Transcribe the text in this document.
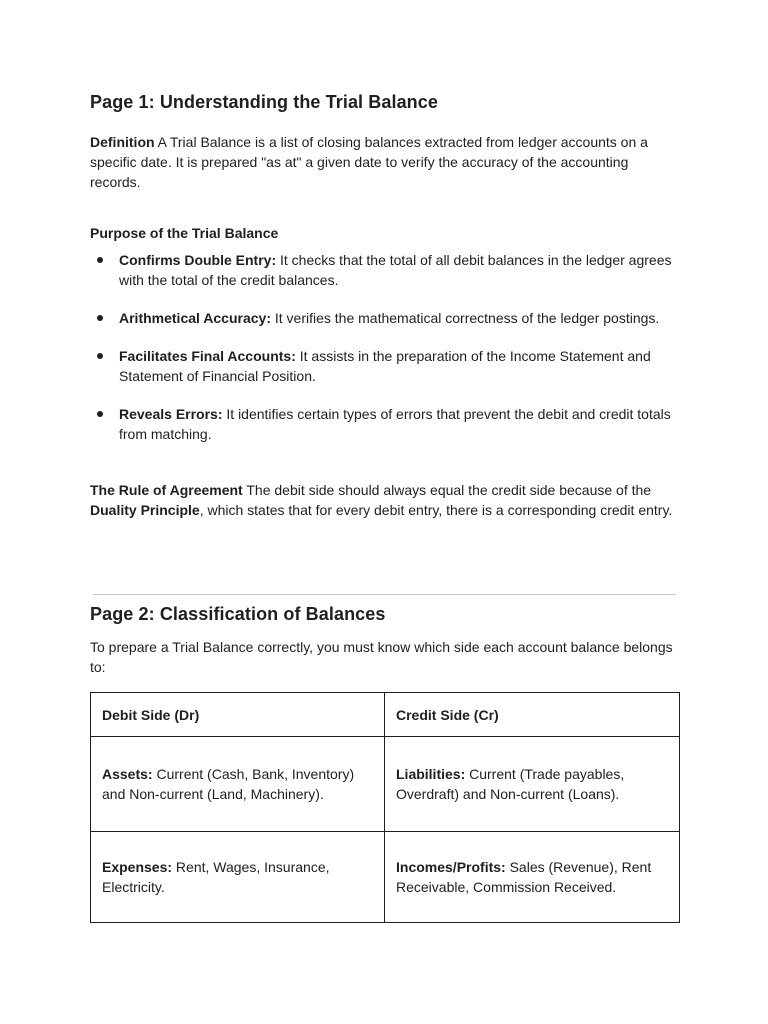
Page 1: Understanding the Trial Balance

Definition A Trial Balance is a list of closing balances extracted from ledger accounts on a specific date. It is prepared "as at" a given date to verify the accuracy of the accounting records.

Purpose of the Trial Balance
Confirms Double Entry: It checks that the total of all debit balances in the ledger agrees with the total of the credit balances.
Arithmetical Accuracy: It verifies the mathematical correctness of the ledger postings.
Facilitates Final Accounts: It assists in the preparation of the Income Statement and Statement of Financial Position.
Reveals Errors: It identifies certain types of errors that prevent the debit and credit totals from matching.

The Rule of Agreement The debit side should always equal the credit side because of the Duality Principle, which states that for every debit entry, there is a corresponding credit entry.

Page 2: Classification of Balances

To prepare a Trial Balance correctly, you must know which side each account balance belongs to:

Debit Side (Dr)	Credit Side (Cr)
Assets: Current (Cash, Bank, Inventory) and Non-current (Land, Machinery).	Liabilities: Current (Trade payables, Overdraft) and Non-current (Loans).
Expenses: Rent, Wages, Insurance, Electricity.	Incomes/Profits: Sales (Revenue), Rent Receivable, Commission Received.
